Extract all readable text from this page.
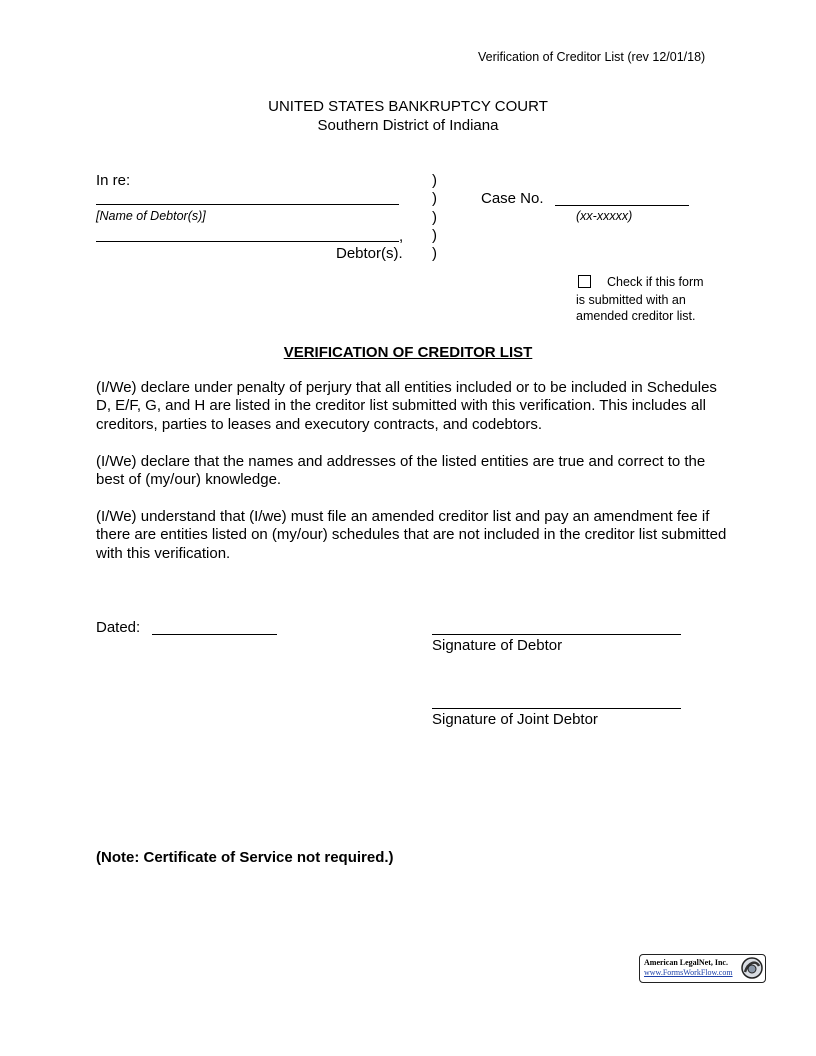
Verification of Creditor List (rev 12/01/18)
UNITED STATES BANKRUPTCY COURT
Southern District of Indiana
In re:
[Name of Debtor(s)]
,
Debtor(s).
)
)
)
)
)
Case No.
(xx-xxxxx)
Check if this form
is submitted with an
amended creditor list.
VERIFICATION OF CREDITOR LIST
(I/We) declare under penalty of perjury that all entities included or to be included in Schedules D, E/F, G, and H are listed in the creditor list submitted with this verification. This includes all creditors, parties to leases and executory contracts, and codebtors.
(I/We) declare that the names and addresses of the listed entities are true and correct to the best of (my/our) knowledge.
(I/We) understand that (I/we) must file an amended creditor list and pay an amendment fee if there are entities listed on (my/our) schedules that are not included in the creditor list submitted with this verification.
Dated:
Signature of Debtor
Signature of Joint Debtor
(Note: Certificate of Service not required.)
American LegalNet, Inc.
www.FormsWorkFlow.com
